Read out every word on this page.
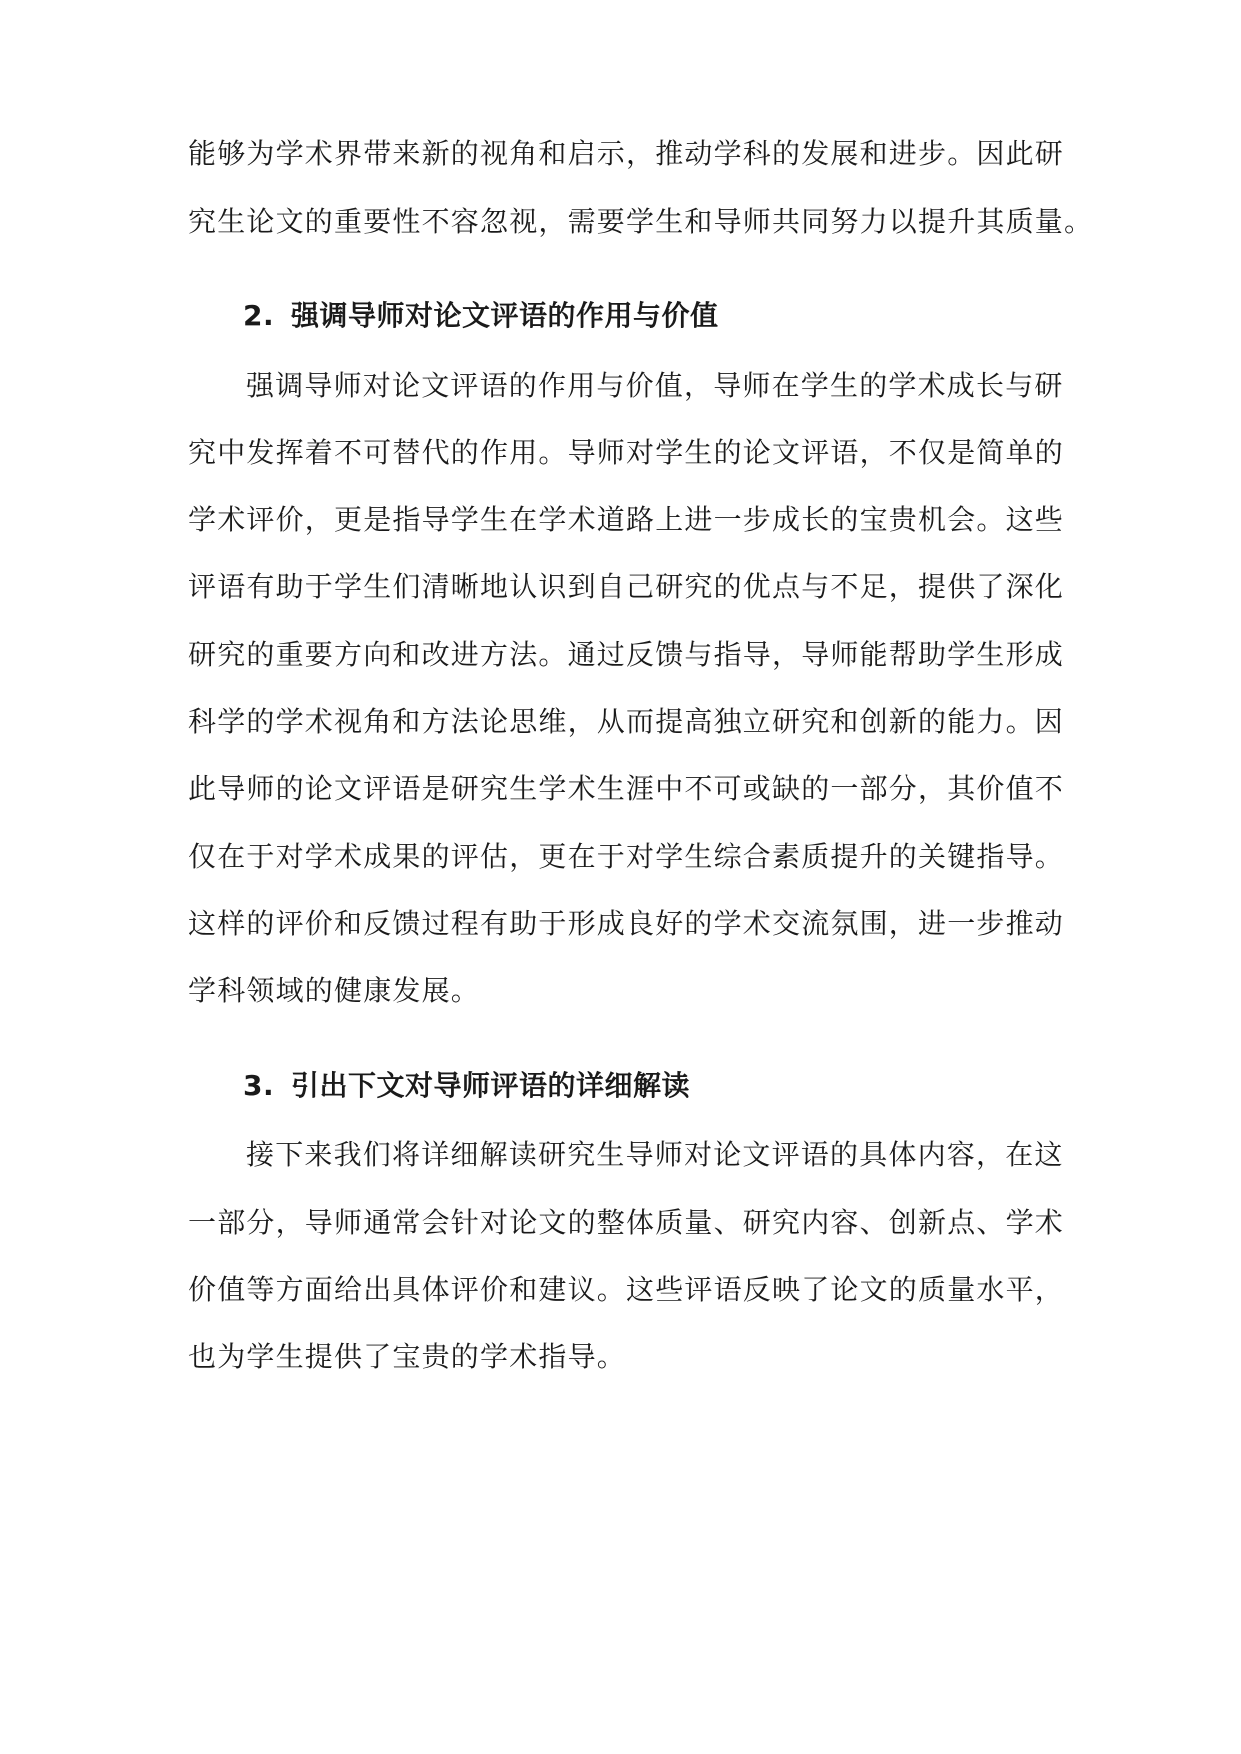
能够为学术界带来新的视角和启示，推动学科的发展和进步。因此研
究生论文的重要性不容忽视，需要学生和导师共同努力以提升其质量。
2. 强调导师对论文评语的作用与价值
强调导师对论文评语的作用与价值，导师在学生的学术成长与研
究中发挥着不可替代的作用。导师对学生的论文评语，不仅是简单的
学术评价，更是指导学生在学术道路上进一步成长的宝贵机会。这些
评语有助于学生们清晰地认识到自己研究的优点与不足，提供了深化
研究的重要方向和改进方法。通过反馈与指导，导师能帮助学生形成
科学的学术视角和方法论思维，从而提高独立研究和创新的能力。因
此导师的论文评语是研究生学术生涯中不可或缺的一部分，其价值不
仅在于对学术成果的评估，更在于对学生综合素质提升的关键指导。
这样的评价和反馈过程有助于形成良好的学术交流氛围，进一步推动
学科领域的健康发展。
3. 引出下文对导师评语的详细解读
接下来我们将详细解读研究生导师对论文评语的具体内容，在这
一部分，导师通常会针对论文的整体质量、研究内容、创新点、学术
价值等方面给出具体评价和建议。这些评语反映了论文的质量水平，
也为学生提供了宝贵的学术指导。
